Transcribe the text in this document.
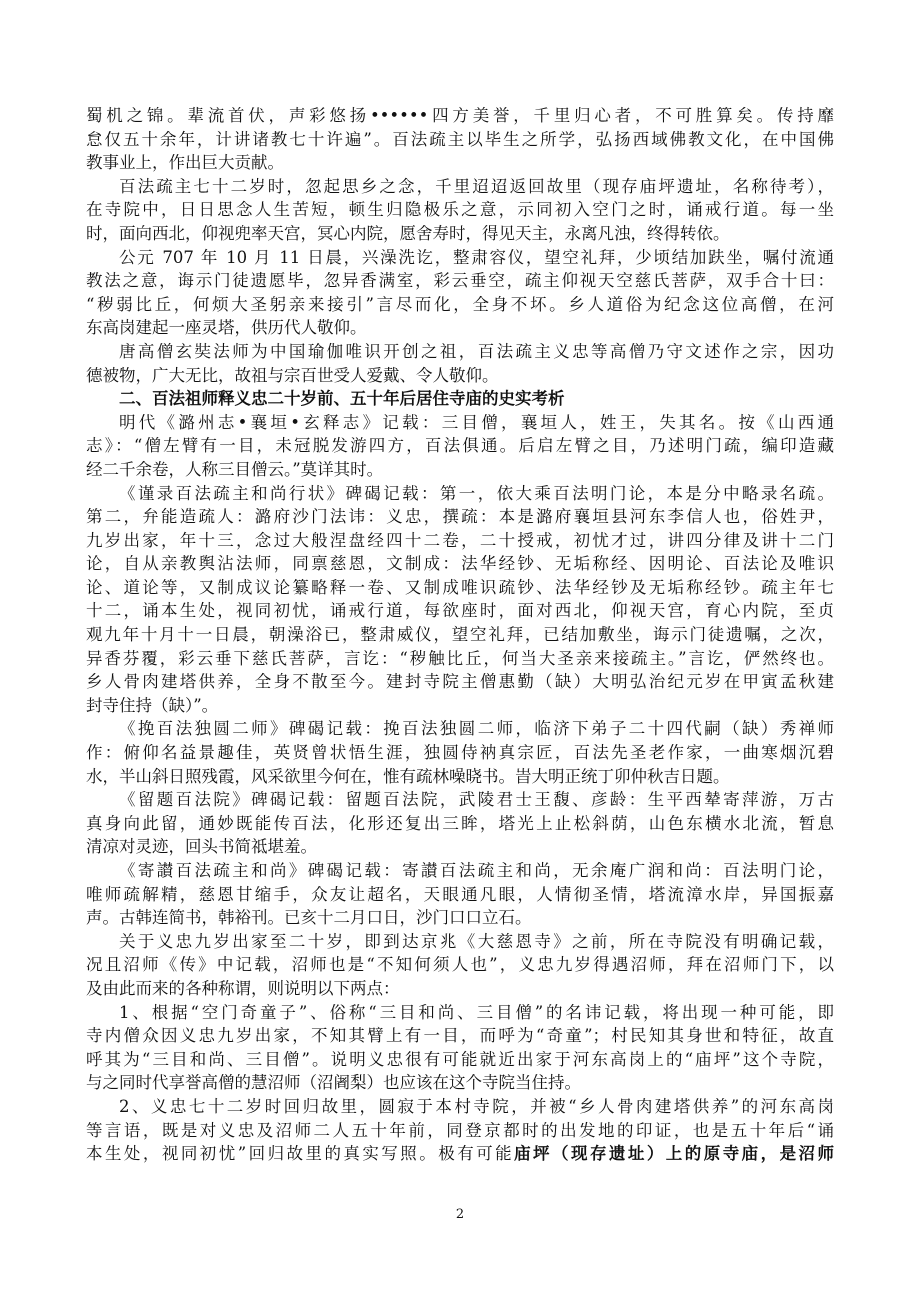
蜀机之锦。辈流首伏，声彩悠扬••••••四方美誉，千里归心者，不可胜算矣。传持靡
怠仅五十余年，计讲诸教七十许遍”。百法疏主以毕生之所学，弘扬西域佛教文化，在中国佛
教事业上，作出巨大贡献。
百法疏主七十二岁时，忽起思乡之念，千里迢迢返回故里（现存庙坪遗址，名称待考），
在寺院中，日日思念人生苦短，顿生归隐极乐之意，示同初入空门之时，诵戒行道。每一坐
时，面向西北，仰视兜率天宫，冥心内院，愿舍寿时，得见天主，永离凡浊，终得转依。
公元 707 年 10 月 11 日晨，兴澡洗讫，整肃容仪，望空礼拜，少顷结加趺坐，嘱付流通
教法之意，诲示门徒遗愿毕，忽异香满室，彩云垂空，疏主仰视天空慈氏菩萨，双手合十曰：
“秽弱比丘，何烦大圣躬亲来接引”言尽而化，全身不坏。乡人道俗为纪念这位高僧，在河
东高岗建起一座灵塔，供历代人敬仰。
唐高僧玄奘法师为中国瑜伽唯识开创之祖，百法疏主义忠等高僧乃守文述作之宗，因功
德被物，广大无比，故祖与宗百世受人爱戴、令人敬仰。
二、百法祖师释义忠二十岁前、五十年后居住寺庙的史实考析
明代《潞州志•襄垣•玄释志》记载：三目僧，襄垣人，姓王，失其名。按《山西通
志》：“僧左臂有一目，未冠脱发游四方，百法俱通。后启左臂之目，乃述明门疏，编印造藏
经二千余卷，人称三目僧云。”莫详其时。
《谨录百法疏主和尚行状》碑碣记载：第一，依大乘百法明门论，本是分中略录名疏。
第二，弁能造疏人：潞府沙门法讳：义忠，撰疏：本是潞府襄垣县河东李信人也，俗姓尹，
九岁出家，年十三，念过大般涅盘经四十二卷，二十授戒，初忧才过，讲四分律及讲十二门
论，自从亲教舆沾法师，同禀慈恩，文制成：法华经钞、无垢称经、因明论、百法论及唯识
论、道论等，又制成议论纂略释一卷、又制成唯识疏钞、法华经钞及无垢称经钞。疏主年七
十二，诵本生处，视同初忧，诵戒行道，每欲座时，面对西北，仰视天宫，育心内院，至贞
观九年十月十一日晨，朝澡浴已，整肃威仪，望空礼拜，已结加敷坐，诲示门徒遗嘱，之次，
异香芬覆，彩云垂下慈氏菩萨，言讫：“秽触比丘，何当大圣亲来接疏主。”言讫，俨然终也。
乡人骨肉建塔供养，全身不散至今。建封寺院主僧惠勤（缺）大明弘治纪元岁在甲寅孟秋建
封寺住持（缺）”。
《挽百法独圆二师》碑碣记载：挽百法独圆二师，临济下弟子二十四代嗣（缺）秀禅师
作：俯仰名益景趣佳，英贤曾状悟生涯，独圆侍衲真宗匠，百法先圣老作家，一曲寒烟沉碧
水，半山斜日照残霞，风采欲里今何在，惟有疏林噪晓书。旹大明正统丁卯仲秋吉日题。
《留题百法院》碑碣记载：留题百法院，武陵君士王馥、彦龄：生平西辇寄萍游，万古
真身向此留，通妙既能传百法，化形还复出三眸，塔光上止松斜荫，山色东横水北流，暂息
清凉对灵迹，回头书简祗堪羞。
《寄讃百法疏主和尚》碑碣记载：寄讃百法疏主和尚，无余庵广润和尚：百法明门论，
唯师疏解精，慈恩甘缩手，众友让超名，天眼通凡眼，人情彻圣情，塔流漳水岸，异国振嘉
声。古韩连简书，韩裕刊。已亥十二月口日，沙门口口立石。
关于义忠九岁出家至二十岁，即到达京兆《大慈恩寺》之前，所在寺院没有明确记载，
况且沼师《传》中记载，沼师也是“不知何须人也”，义忠九岁得遇沼师，拜在沼师门下，以
及由此而来的各种称谓，则说明以下两点：
1、根据“空门奇童子”、俗称“三目和尚、三目僧”的名讳记载，将出现一种可能，即
寺内僧众因义忠九岁出家，不知其臂上有一目，而呼为“奇童”；村民知其身世和特征，故直
呼其为“三目和尚、三目僧”。说明义忠很有可能就近出家于河东高岗上的“庙坪”这个寺院，
与之同时代享誉高僧的慧沼师（沼阇梨）也应该在这个寺院当住持。
2、义忠七十二岁时回归故里，圆寂于本村寺院，并被“乡人骨肉建塔供养”的河东高岗
等言语，既是对义忠及沼师二人五十年前，同登京都时的出发地的印证，也是五十年后“诵
本生处，视同初忧”回归故里的真实写照。极有可能庙坪（现存遗址）上的原寺庙，是沼师
2
